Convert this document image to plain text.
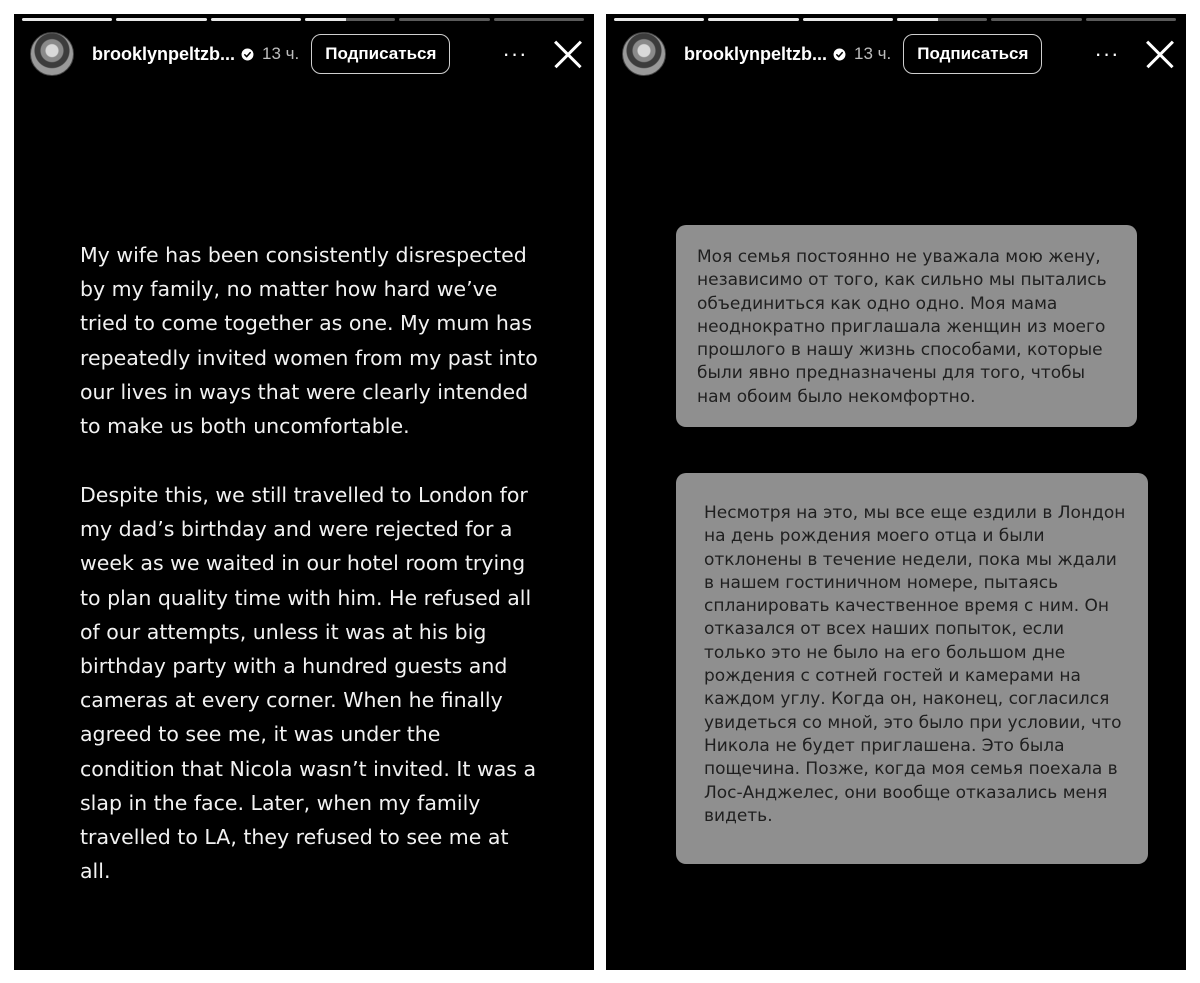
brooklynpeltzb... 13 ч.	Подписаться	···
My wife has been consistently disrespected by my family, no matter how hard we’ve tried to come together as one. My mum has repeatedly invited women from my past into our lives in ways that were clearly intended to make us both uncomfortable.
Despite this, we still travelled to London for my dad’s birthday and were rejected for a week as we waited in our hotel room trying to plan quality time with him. He refused all of our attempts, unless it was at his big birthday party with a hundred guests and cameras at every corner. When he finally agreed to see me, it was under the condition that Nicola wasn’t invited. It was a slap in the face. Later, when my family travelled to LA, they refused to see me at all.
brooklynpeltzb... 13 ч.	Подписаться	···
Моя семья постоянно не уважала мою жену, независимо от того, как сильно мы пытались объединиться как одно одно. Моя мама неоднократно приглашала женщин из моего прошлого в нашу жизнь способами, которые были явно предназначены для того, чтобы нам обоим было некомфортно.
Несмотря на это, мы все еще ездили в Лондон на день рождения моего отца и были отклонены в течение недели, пока мы ждали в нашем гостиничном номере, пытаясь спланировать качественное время с ним. Он отказался от всех наших попыток, если только это не было на его большом дне рождения с сотней гостей и камерами на каждом углу. Когда он, наконец, согласился увидеться со мной, это было при условии, что Никола не будет приглашена. Это была пощечина. Позже, когда моя семья поехала в Лос-Анджелес, они вообще отказались меня видеть.
